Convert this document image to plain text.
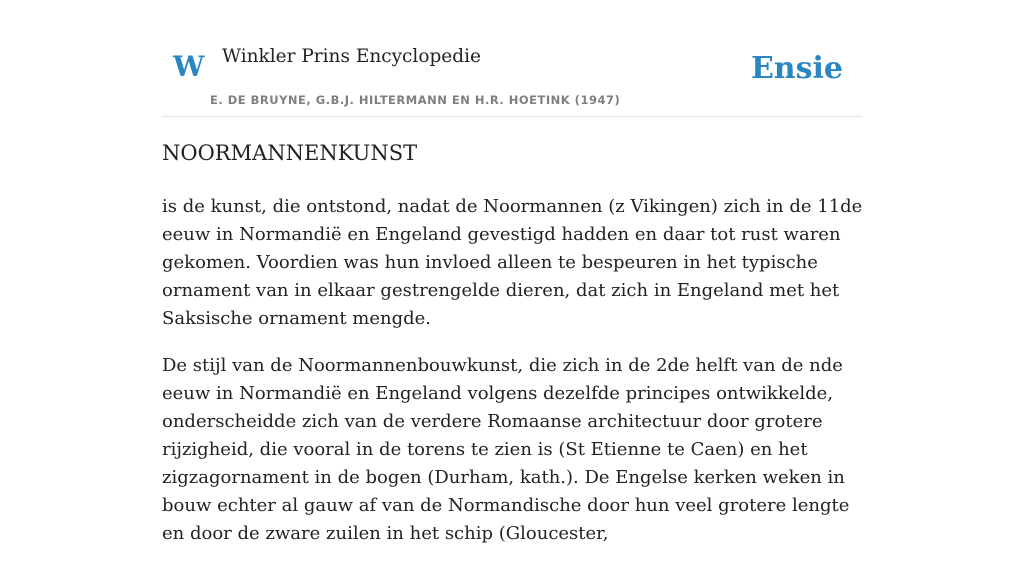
W Winkler Prins Encyclopedie
E. DE BRUYNE, G.B.J. HILTERMANN EN H.R. HOETINK (1947)
Ensie
NOORMANNENKUNST

is de kunst, die ontstond, nadat de Noormannen (z Vikingen) zich in de 11de eeuw in Normandië en Engeland gevestigd hadden en daar tot rust waren gekomen. Voordien was hun invloed alleen te bespeuren in het typische ornament van in elkaar gestrengelde dieren, dat zich in Engeland met het Saksische ornament mengde.

De stijl van de Noormannenbouwkunst, die zich in de 2de helft van de nde eeuw in Normandië en Engeland volgens dezelfde principes ontwikkelde, onderscheidde zich van de verdere Romaanse architectuur door grotere rijzigheid, die vooral in de torens te zien is (St Etienne te Caen) en het zigzagornament in de bogen (Durham, kath.). De Engelse kerken weken in bouw echter al gauw af van de Normandische door hun veel grotere lengte en door de zware zuilen in het schip (Gloucester,
